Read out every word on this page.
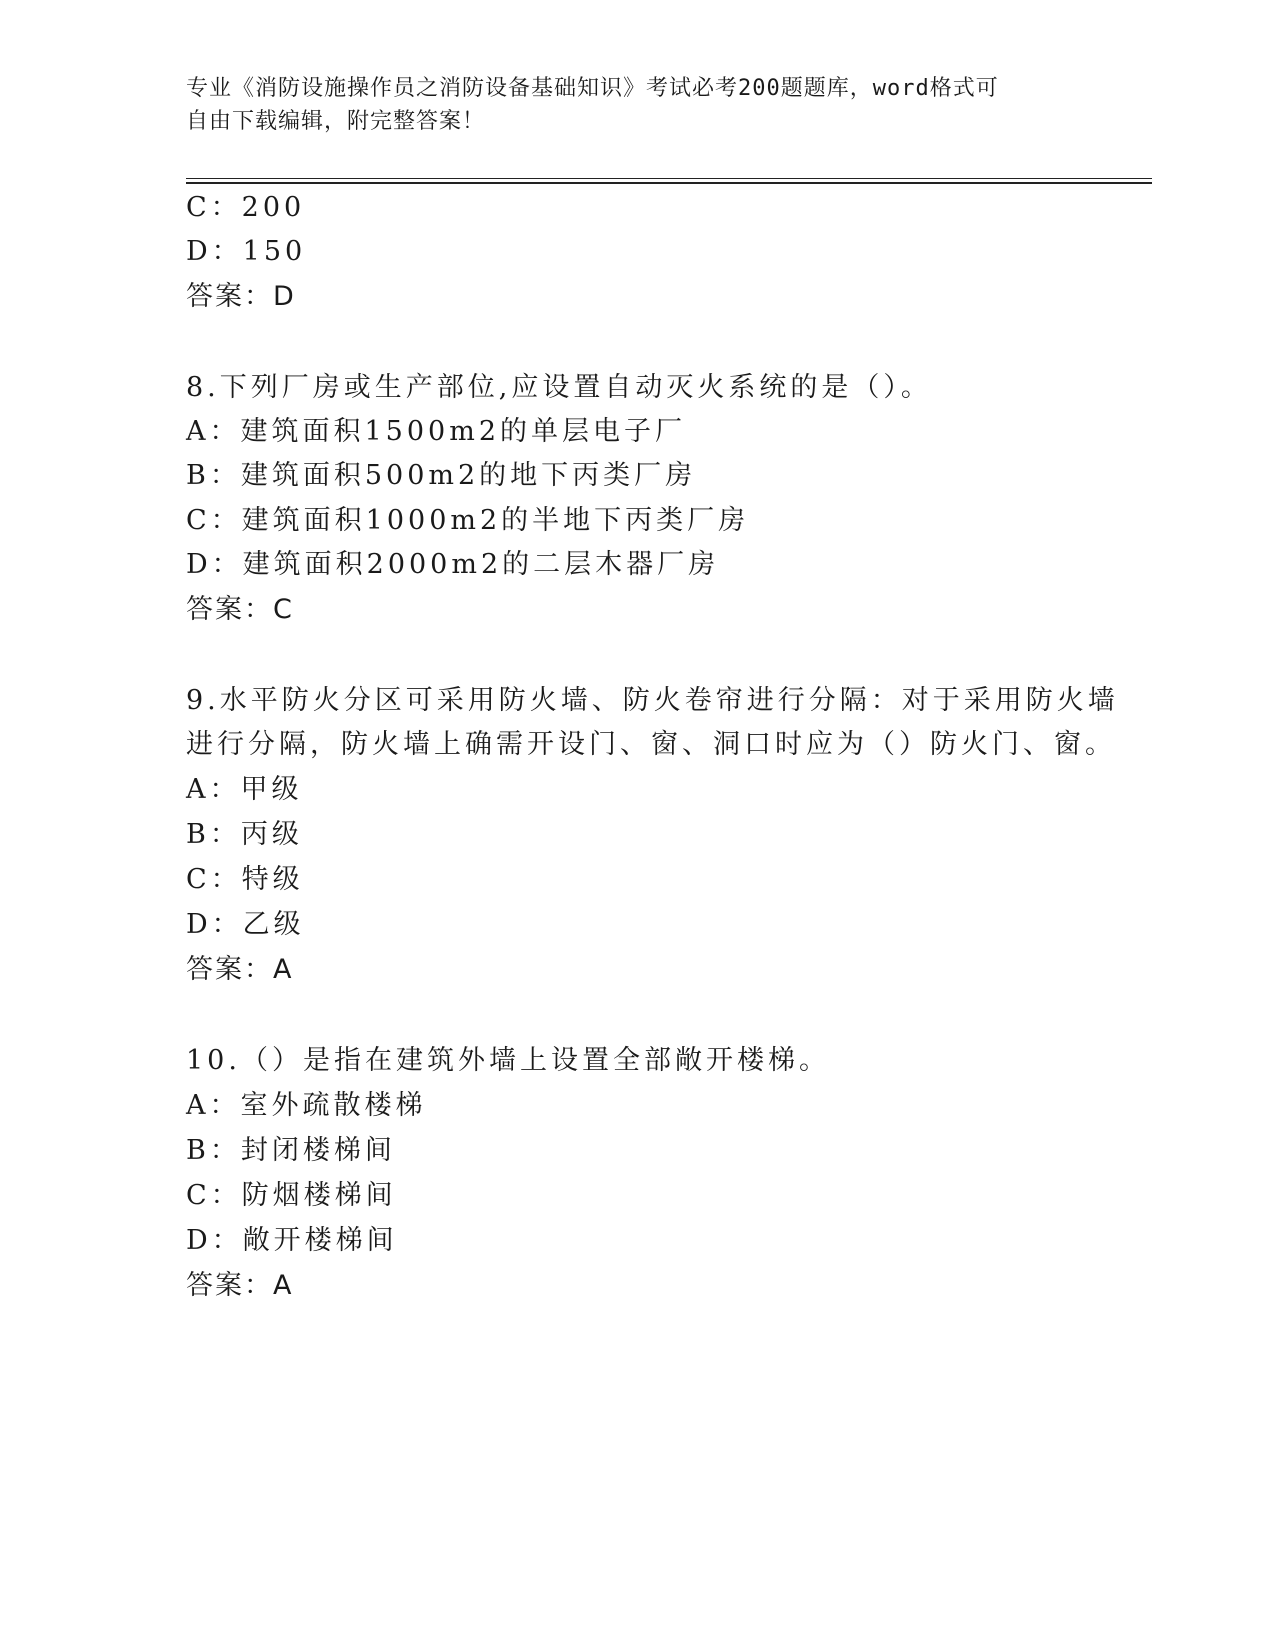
专业《消防设施操作员之消防设备基础知识》考试必考200题题库，word格式可
自由下载编辑，附完整答案！
C：200
D：150
答案：D
8.下列厂房或生产部位,应设置自动灭火系统的是（）。
A：建筑面积1500m2的单层电子厂
B：建筑面积500m2的地下丙类厂房
C：建筑面积1000m2的半地下丙类厂房
D：建筑面积2000m2的二层木器厂房
答案：C
9.水平防火分区可采用防火墙、防火卷帘进行分隔：对于采用防火墙
进行分隔，防火墙上确需开设门、窗、洞口时应为（）防火门、窗。
A：甲级
B：丙级
C：特级
D：乙级
答案：A
10.（）是指在建筑外墙上设置全部敞开楼梯。
A：室外疏散楼梯
B：封闭楼梯间
C：防烟楼梯间
D：敞开楼梯间
答案：A
